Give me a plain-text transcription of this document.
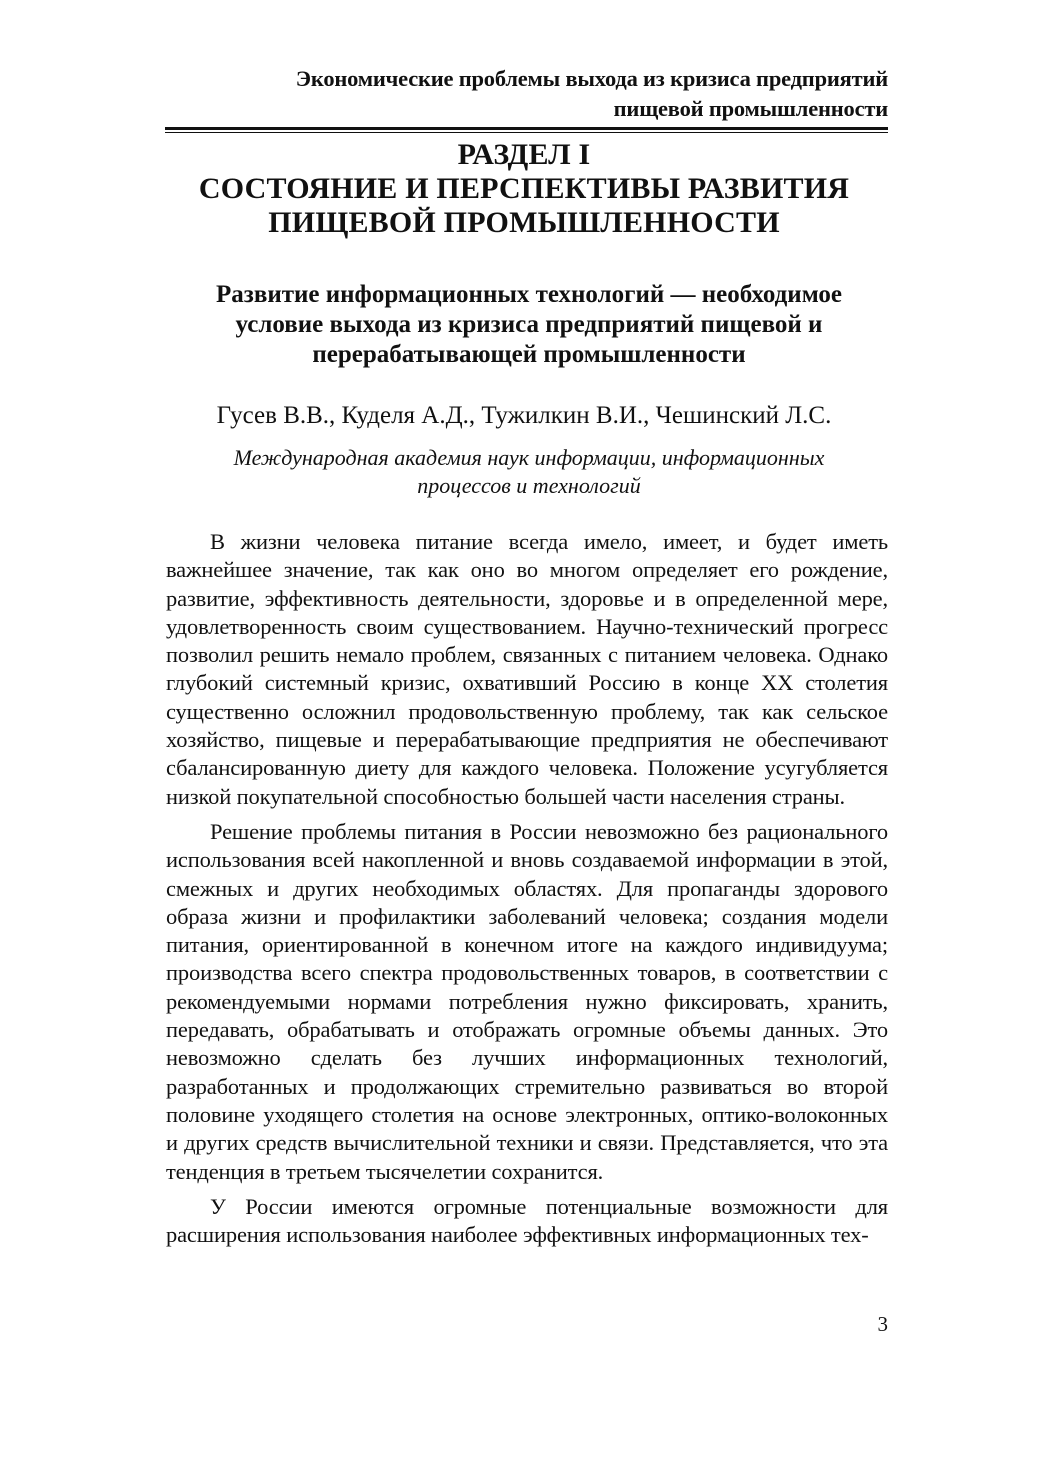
Экономические проблемы выхода из кризиса предприятий
пищевой промышленности
РАЗДЕЛ I
СОСТОЯНИЕ И ПЕРСПЕКТИВЫ РАЗВИТИЯ
ПИЩЕВОЙ ПРОМЫШЛЕННОСТИ
Развитие информационных технологий — необходимое
условие выхода из кризиса предприятий пищевой и
перерабатывающей промышленности
Гусев В.В., Куделя А.Д., Тужилкин В.И., Чешинский Л.С.
Международная академия наук информации, информационных
процессов и технологий

В жизни человека питание всегда имело, имеет, и будет иметь важнейшее значение, так как оно во многом определяет его рождение, развитие, эффективность деятельности, здоровье и в определенной мере, удовлетворенность своим существованием. Научно-технический прогресс позволил решить немало проблем, связанных с питанием человека. Однако глубокий системный кризис, охвативший Россию в конце XX столетия существенно осложнил продовольственную проблему, так как сельское хозяйство, пищевые и перерабатывающие предприятия не обеспечивают сбалансированную диету для каждого человека. Положение усугубляется низкой покупательной способностью большей части населения страны.

Решение проблемы питания в России невозможно без рационального использования всей накопленной и вновь создаваемой информации в этой, смежных и других необходимых областях. Для пропаганды здорового образа жизни и профилактики заболеваний человека; создания модели питания, ориентированной в конечном итоге на каждого индивидуума; производства всего спектра продовольственных товаров, в соответствии с рекомендуемыми нормами потребления нужно фиксировать, хранить, передавать, обрабатывать и отображать огромные объемы данных. Это невозможно сделать без лучших информационных технологий, разработанных и продолжающих стремительно развиваться во второй половине уходящего столетия на основе электронных, оптико-волоконных и других средств вычислительной техники и связи. Представляется, что эта тенденция в третьем тысячелетии сохранится.

У России имеются огромные потенциальные возможности для расширения использования наиболее эффективных информационных тех-

3
